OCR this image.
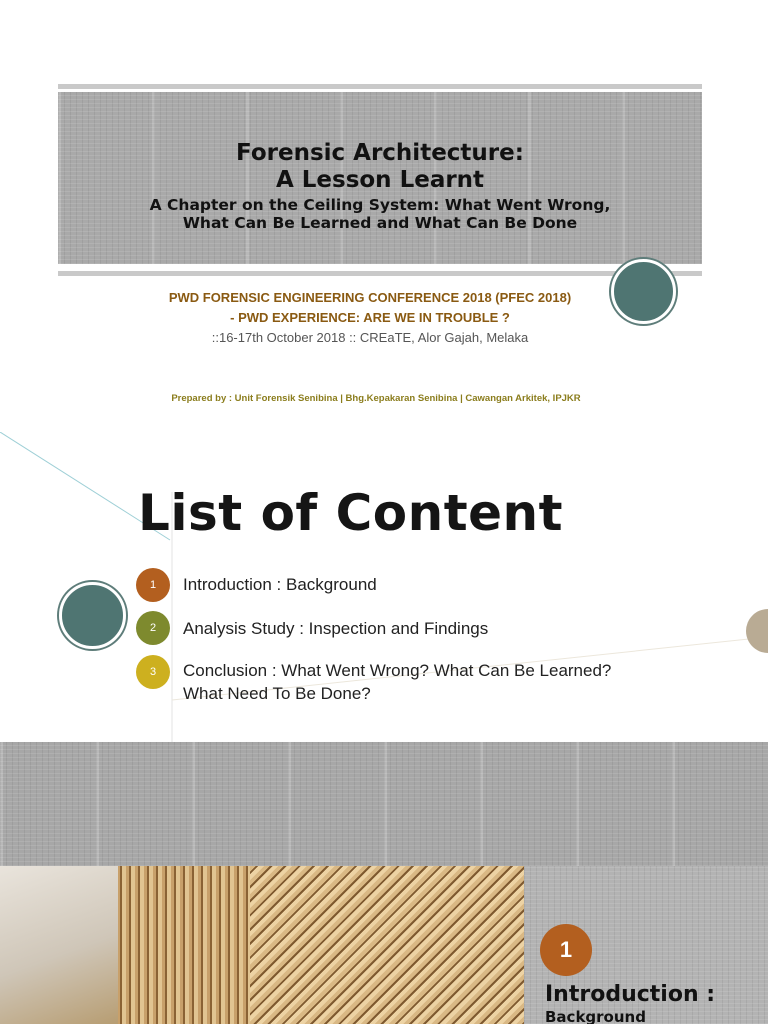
Forensic Architecture:
A Lesson Learnt
A Chapter on the Ceiling System: What Went Wrong,
What Can Be Learned and What Can Be Done
PWD FORENSIC ENGINEERING CONFERENCE 2018 (PFEC 2018)
- PWD EXPERIENCE: ARE WE IN TROUBLE ?
::16-17th October 2018 :: CREaTE, Alor Gajah, Melaka
Prepared by : Unit Forensik Senibina | Bhg.Kepakaran Senibina | Cawangan Arkitek, IPJKR
List of Content
1	Introduction : Background
2	Analysis Study : Inspection and Findings
3	Conclusion : What Went Wrong? What Can Be Learned?
What Need To Be Done?
1
Introduction :
Background
